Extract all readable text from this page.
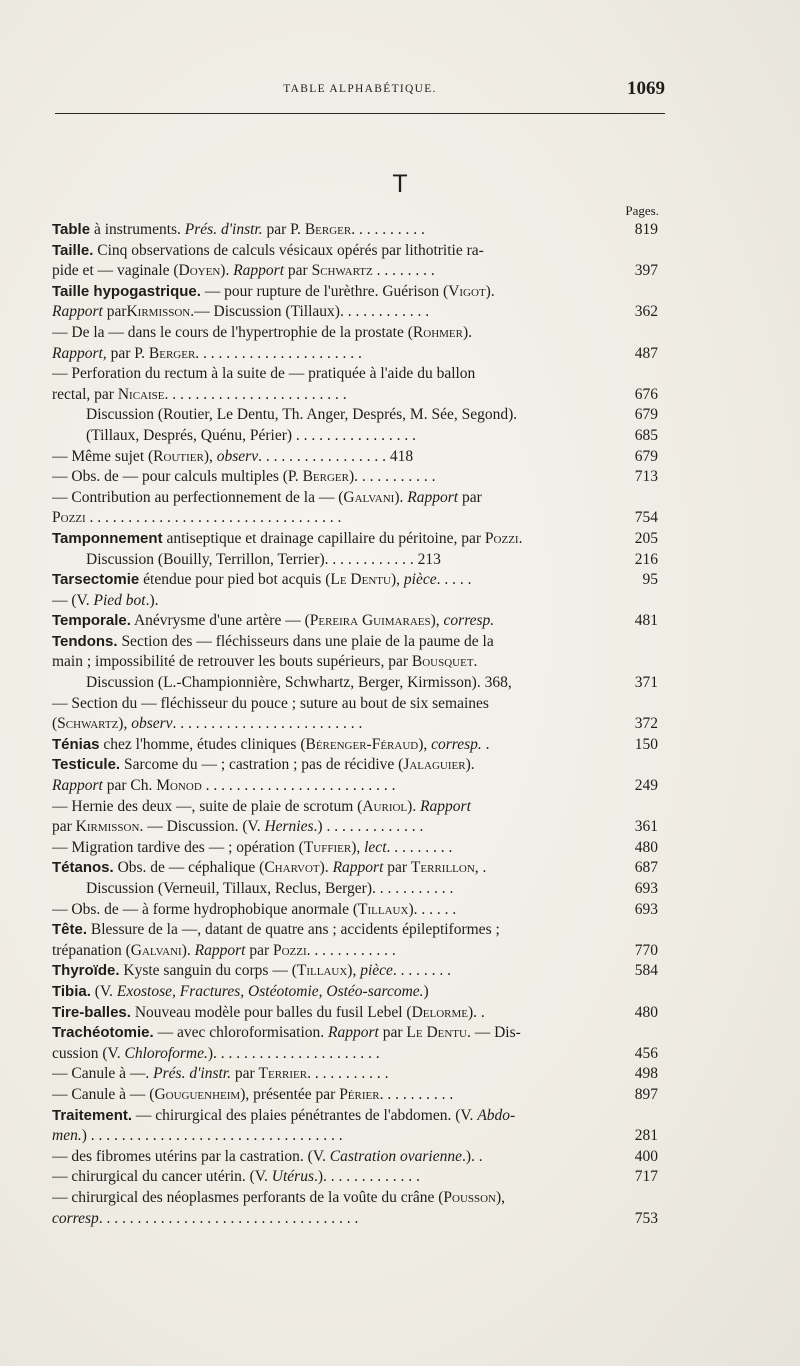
TABLE ALPHABÉTIQUE.	1069
T
Pages.
Table à instruments. Prés. d'instr. par P. Berger. . . . . . . . . .	819
Taille. Cinq observations de calculs vésicaux opérés par lithotritie ra-
pide et — vaginale (Doyen). Rapport par Schwartz . . . . . . . .	397
Taille hypogastrique. — pour rupture de l'urèthre. Guérison (Vigot).
Rapport parKirmisson.— Discussion (Tillaux). . . . . . . . . . . .	362
— De la — dans le cours de l'hypertrophie de la prostate (Rohmer).
Rapport, par P. Berger. . . . . . . . . . . . . . . . . . . . . .	487
— Perforation du rectum à la suite de — pratiquée à l'aide du ballon
rectal, par Nicaise. . . . . . . . . . . . . . . . . . . . . . . .	676
Discussion (Routier, Le Dentu, Th. Anger, Després, M. Sée, Segond).	679
(Tillaux, Després, Quénu, Périer) . . . . . . . . . . . . . . . .	685
— Même sujet (Routier), observ. . . . . . . . . . . . . . . . . 418	679
— Obs. de — pour calculs multiples (P. Berger). . . . . . . . . . .	713
— Contribution au perfectionnement de la — (Galvani). Rapport par
Pozzi . . . . . . . . . . . . . . . . . . . . . . . . . . . . . . . . .	754
Tamponnement antiseptique et drainage capillaire du péritoine, par Pozzi.	205
Discussion (Bouilly, Terrillon, Terrier). . . . . . . . . . . . 213	216
Tarsectomie étendue pour pied bot acquis (Le Dentu), pièce. . . . .	95
— (V. Pied bot.).
Temporale. Anévrysme d'une artère — (Pereira Guimaraes), corresp.	481
Tendons. Section des — fléchisseurs dans une plaie de la paume de la
main ; impossibilité de retrouver les bouts supérieurs, par Bousquet.
Discussion (L.-Championnière, Schwhartz, Berger, Kirmisson). 368,	371
— Section du — fléchisseur du pouce ; suture au bout de six semaines
(Schwartz), observ. . . . . . . . . . . . . . . . . . . . . . . . .	372
Ténias chez l'homme, études cliniques (Bérenger-Féraud), corresp. .	150
Testicule. Sarcome du — ; castration ; pas de récidive (Jalaguier).
Rapport par Ch. Monod . . . . . . . . . . . . . . . . . . . . . . . . .	249
— Hernie des deux —, suite de plaie de scrotum (Auriol). Rapport
par Kirmisson. — Discussion. (V. Hernies.) . . . . . . . . . . . . .	361
— Migration tardive des — ; opération (Tuffier), lect. . . . . . . . .	480
Tétanos. Obs. de — céphalique (Charvot). Rapport par Terrillon, .	687
Discussion (Verneuil, Tillaux, Reclus, Berger). . . . . . . . . . .	693
— Obs. de — à forme hydrophobique anormale (Tillaux). . . . . .	693
Tête. Blessure de la —, datant de quatre ans ; accidents épileptiformes ;
trépanation (Galvani). Rapport par Pozzi. . . . . . . . . . . .	770
Thyroïde. Kyste sanguin du corps — (Tillaux), pièce. . . . . . . .	584
Tibia. (V. Exostose, Fractures, Ostéotomie, Ostéo-sarcome.)
Tire-balles. Nouveau modèle pour balles du fusil Lebel (Delorme). .	480
Trachéotomie. — avec chloroformisation. Rapport par Le Dentu. — Dis-
cussion (V. Chloroforme.). . . . . . . . . . . . . . . . . . . . . .	456
— Canule à —. Prés. d'instr. par Terrier. . . . . . . . . . .	498
— Canule à — (Gouguenheim), présentée par Périer. . . . . . . . . .	897
Traitement. — chirurgical des plaies pénétrantes de l'abdomen. (V. Abdo-
men.) . . . . . . . . . . . . . . . . . . . . . . . . . . . . . . . . .	281
— des fibromes utérins par la castration. (V. Castration ovarienne.). .	400
— chirurgical du cancer utérin. (V. Utérus.). . . . . . . . . . . . .	717
— chirurgical des néoplasmes perforants de la voûte du crâne (Pousson),
corresp. . . . . . . . . . . . . . . . . . . . . . . . . . . . . . . . . .	753
